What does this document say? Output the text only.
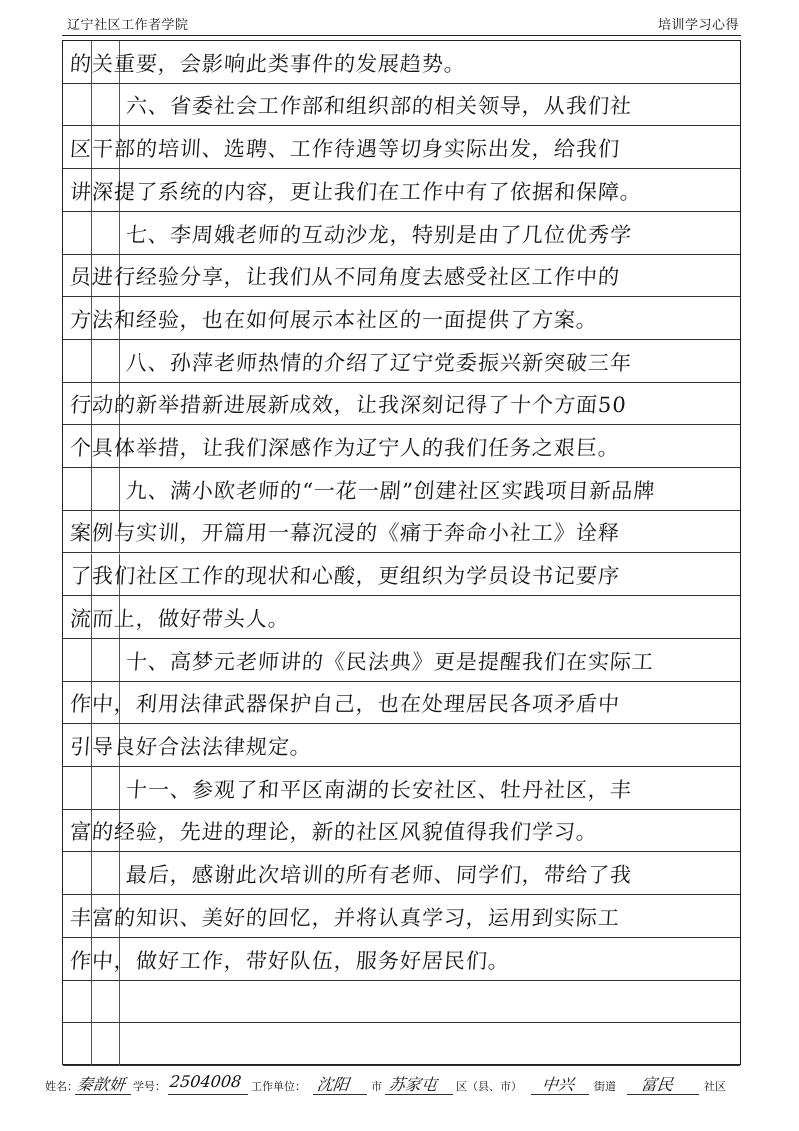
辽宁社区工作者学院	培训学习心得
的关重要，会影响此类事件的发展趋势。
六、省委社会工作部和组织部的相关领导，从我们社
区干部的培训、选聘、工作待遇等切身实际出发，给我们
讲深提了系统的内容，更让我们在工作中有了依据和保障。
七、李周娥老师的互动沙龙，特别是由了几位优秀学
员进行经验分享，让我们从不同角度去感受社区工作中的
方法和经验，也在如何展示本社区的一面提供了方案。
八、孙萍老师热情的介绍了辽宁党委振兴新突破三年
行动的新举措新进展新成效，让我深刻记得了十个方面50
个具体举措，让我们深感作为辽宁人的我们任务之艰巨。
九、满小欧老师的“一花一剧”创建社区实践项目新品牌
案例与实训，开篇用一幕沉浸的《痛于奔命小社工》诠释
了我们社区工作的现状和心酸，更组织为学员设书记要序
流而上，做好带头人。
十、高梦元老师讲的《民法典》更是提醒我们在实际工
作中，利用法律武器保护自己，也在处理居民各项矛盾中
引导良好合法法律规定。
十一、参观了和平区南湖的长安社区、牡丹社区，丰
富的经验，先进的理论，新的社区风貌值得我们学习。
最后，感谢此次培训的所有老师、同学们，带给了我
丰富的知识、美好的回忆，并将认真学习，运用到实际工
作中，做好工作，带好队伍，服务好居民们。
姓名：
秦歆妍 学号： 2504008 工作单位： 沈阳 市 苏家屯 区（县、市） 中兴 街道 富民	社区
